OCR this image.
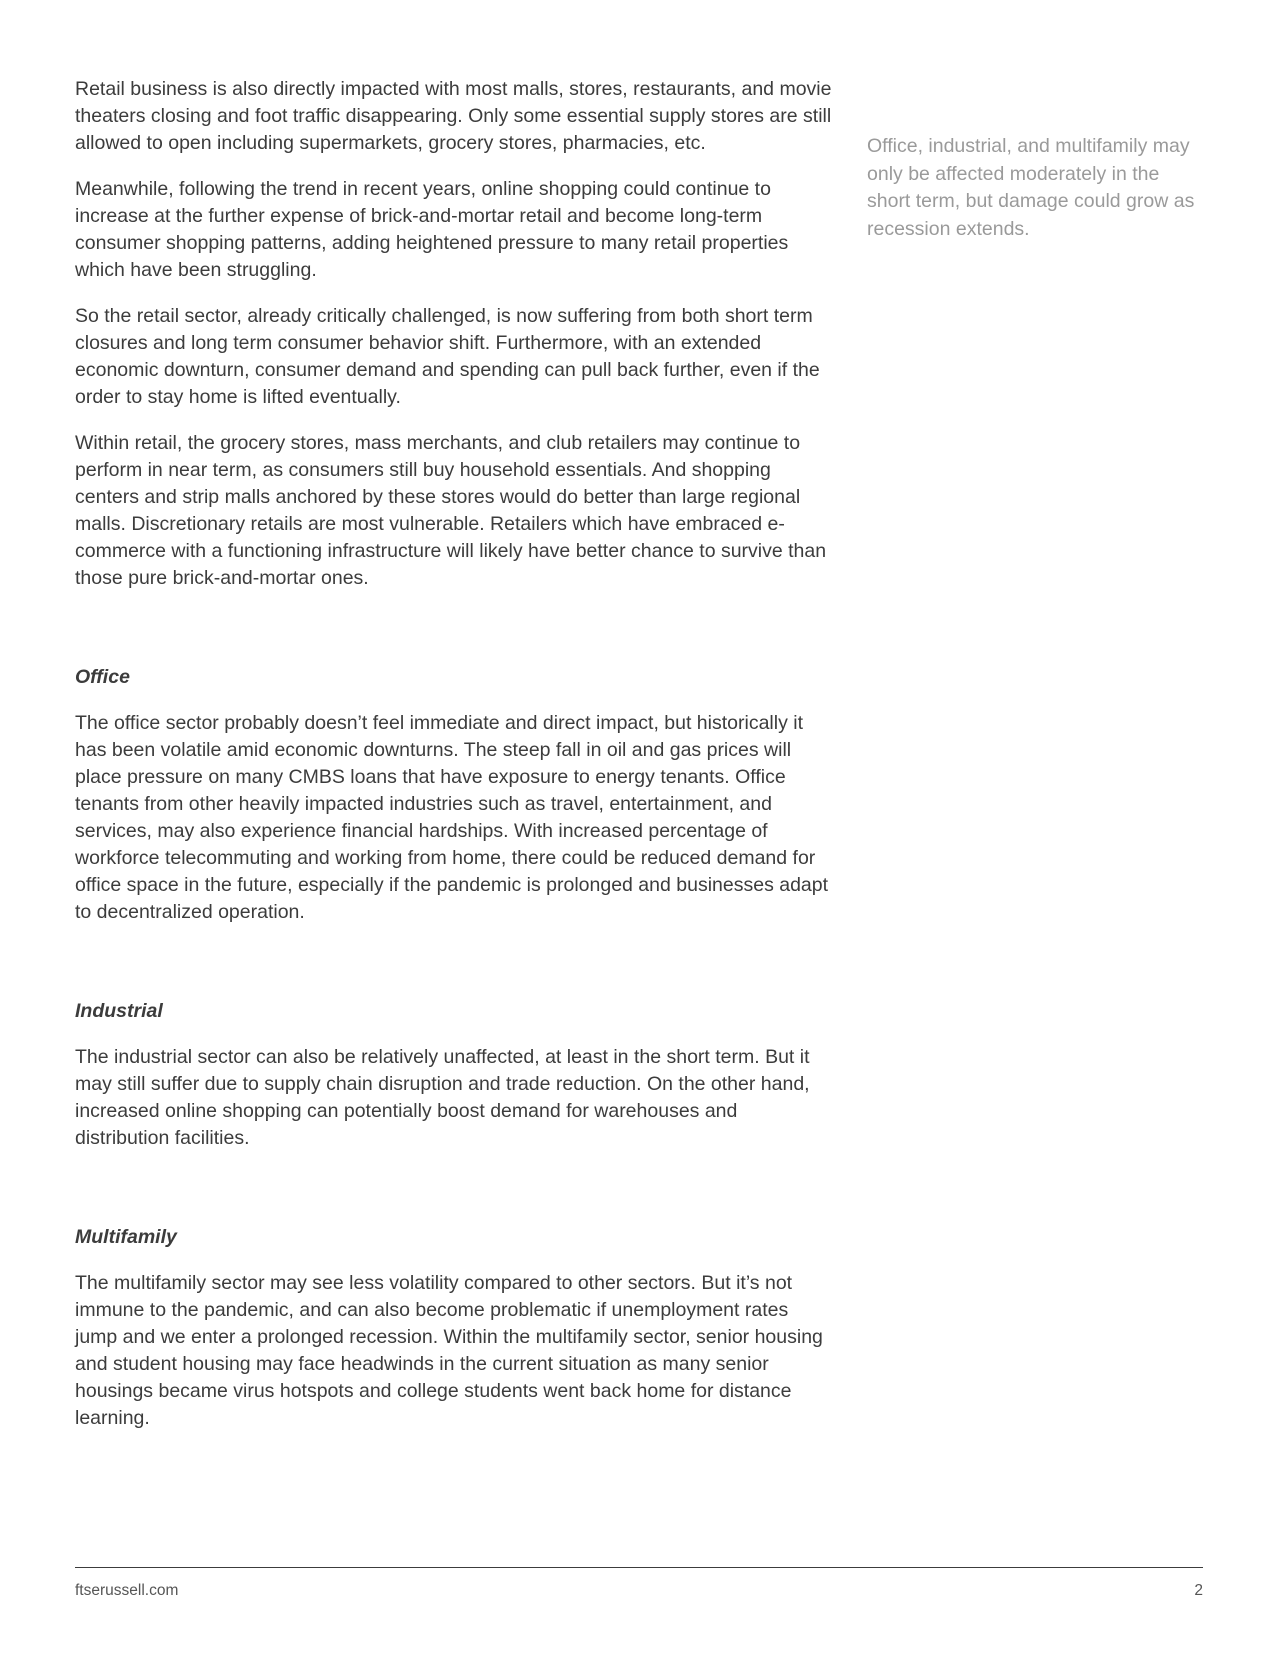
Retail business is also directly impacted with most malls, stores, restaurants, and movie theaters closing and foot traffic disappearing. Only some essential supply stores are still allowed to open including supermarkets, grocery stores, pharmacies, etc.

Meanwhile, following the trend in recent years, online shopping could continue to increase at the further expense of brick-and-mortar retail and become long-term consumer shopping patterns, adding heightened pressure to many retail properties which have been struggling.

So the retail sector, already critically challenged, is now suffering from both short term closures and long term consumer behavior shift. Furthermore, with an extended economic downturn, consumer demand and spending can pull back further, even if the order to stay home is lifted eventually.

Within retail, the grocery stores, mass merchants, and club retailers may continue to perform in near term, as consumers still buy household essentials. And shopping centers and strip malls anchored by these stores would do better than large regional malls. Discretionary retails are most vulnerable. Retailers which have embraced e-commerce with a functioning infrastructure will likely have better chance to survive than those pure brick-and-mortar ones.

Office

The office sector probably doesn’t feel immediate and direct impact, but historically it has been volatile amid economic downturns. The steep fall in oil and gas prices will place pressure on many CMBS loans that have exposure to energy tenants. Office tenants from other heavily impacted industries such as travel, entertainment, and services, may also experience financial hardships. With increased percentage of workforce telecommuting and working from home, there could be reduced demand for office space in the future, especially if the pandemic is prolonged and businesses adapt to decentralized operation.

Industrial

The industrial sector can also be relatively unaffected, at least in the short term. But it may still suffer due to supply chain disruption and trade reduction. On the other hand, increased online shopping can potentially boost demand for warehouses and distribution facilities.

Multifamily

The multifamily sector may see less volatility compared to other sectors. But it’s not immune to the pandemic, and can also become problematic if unemployment rates jump and we enter a prolonged recession. Within the multifamily sector, senior housing and student housing may face headwinds in the current situation as many senior housings became virus hotspots and college students went back home for distance learning.

Office, industrial, and multifamily may only be affected moderately in the short term, but damage could grow as recession extends.
ftserussell.com	2
